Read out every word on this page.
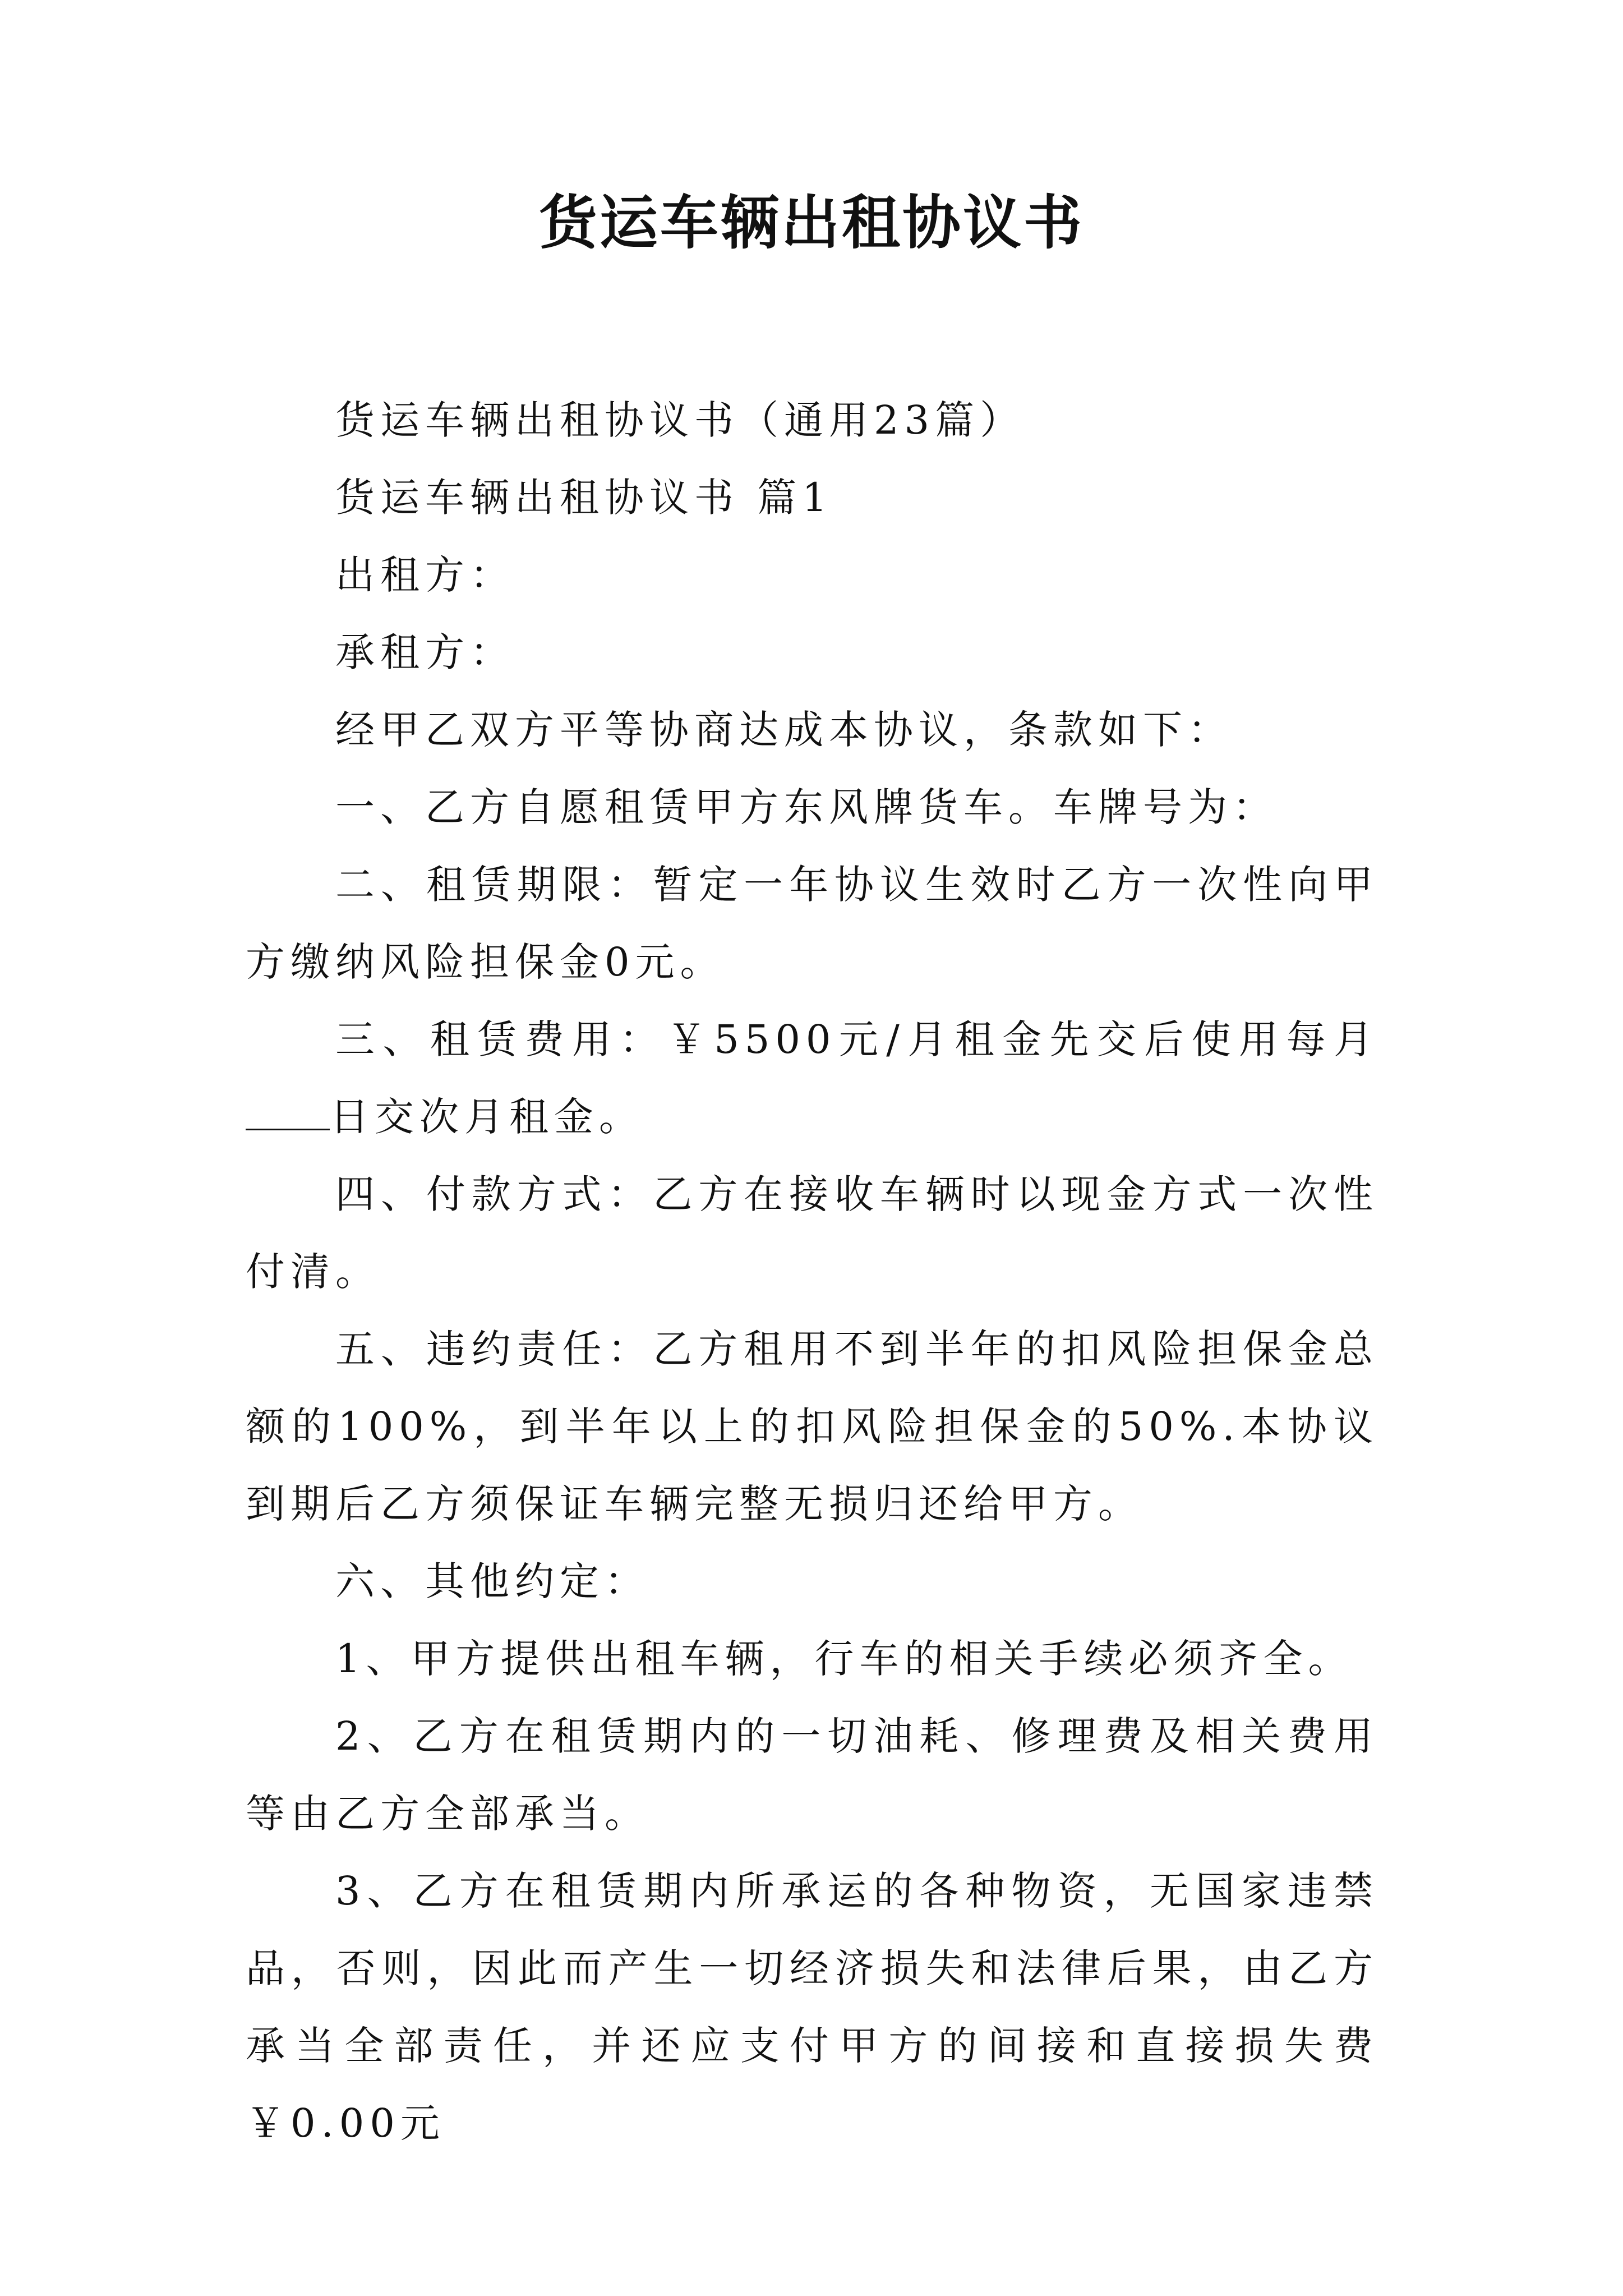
货运车辆出租协议书

货运车辆出租协议书（通用23篇）

货运车辆出租协议书 篇1

出租方：

承租方：

经甲乙双方平等协商达成本协议，条款如下：

一、乙方自愿租赁甲方东风牌货车。车牌号为：

二、租赁期限：暂定一年协议生效时乙方一次性向甲方缴纳风险担保金0元。

三、租赁费用：￥5500元/月租金先交后使用每月日交次月租金。

四、付款方式：乙方在接收车辆时以现金方式一次性付清。

五、违约责任：乙方租用不到半年的扣风险担保金总额的100%，到半年以上的扣风险担保金的50%.本协议到期后乙方须保证车辆完整无损归还给甲方。

六、其他约定：

1、甲方提供出租车辆，行车的相关手续必须齐全。

2、乙方在租赁期内的一切油耗、修理费及相关费用等由乙方全部承当。

3、乙方在租赁期内所承运的各种物资，无国家违禁品，否则，因此而产生一切经济损失和法律后果，由乙方承当全部责任，并还应支付甲方的间接和直接损失费￥0.00元
